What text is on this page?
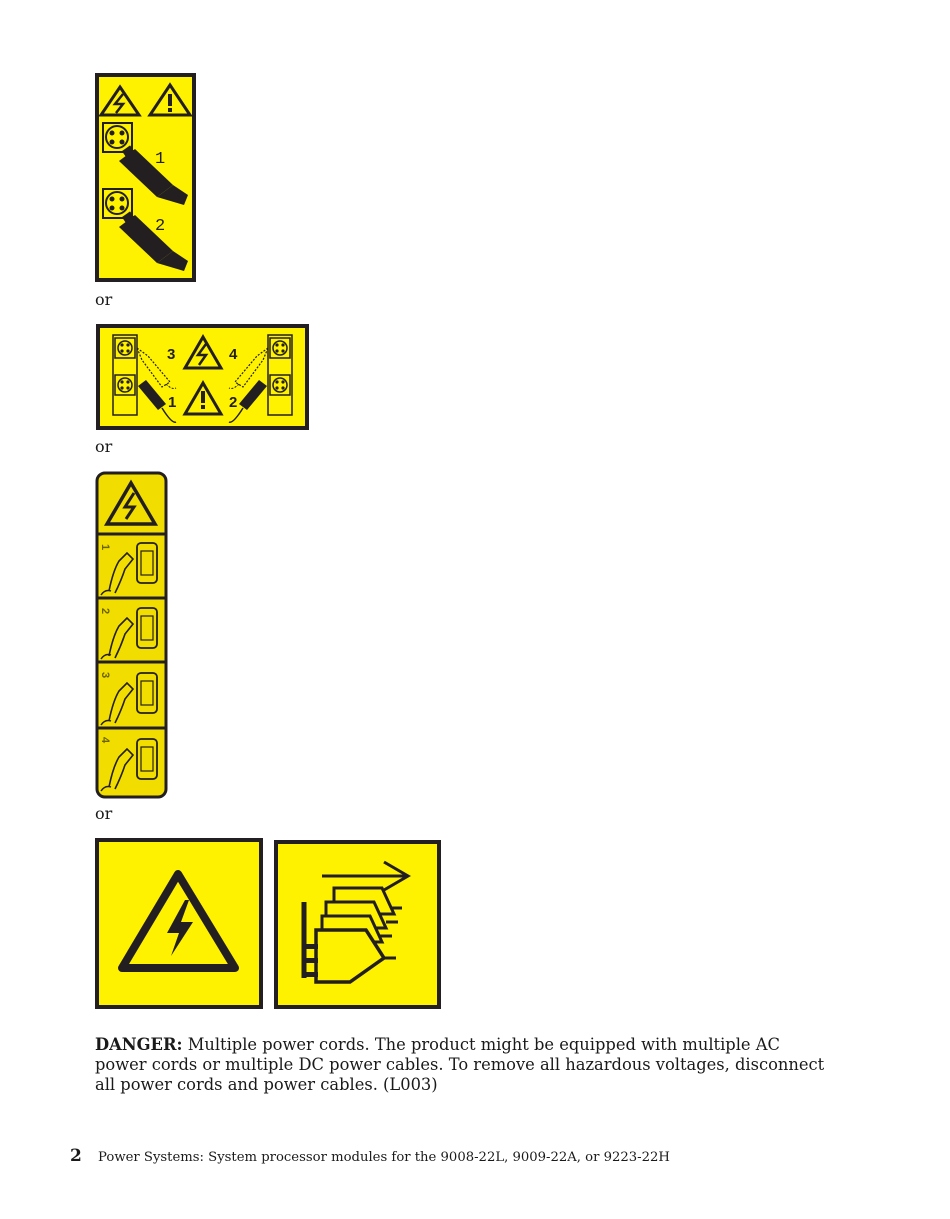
1
2
or
3	4
1	2
or
1
2
3
4
or
DANGER: Multiple power cords. The product might be equipped with multiple AC power cords or multiple DC power cables. To remove all hazardous voltages, disconnect all power cords and power cables. (L003)
2 Power Systems: System processor modules for the 9008-22L, 9009-22A, or 9223-22H
